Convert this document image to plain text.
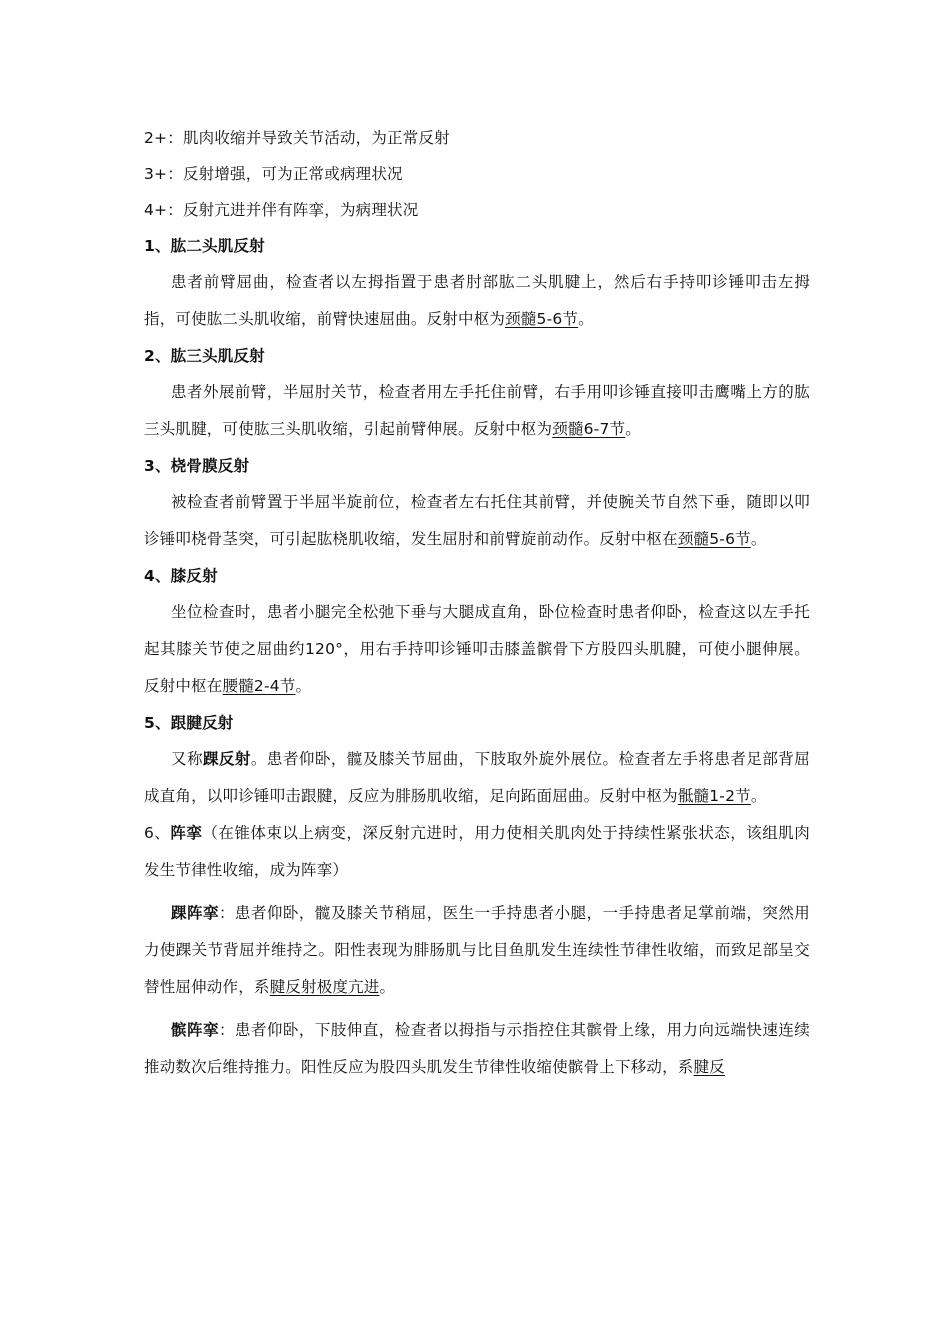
2+：肌肉收缩并导致关节活动，为正常反射
3+：反射增强，可为正常或病理状况
4+：反射亢进并伴有阵挛，为病理状况

1、肱二头肌反射

患者前臂屈曲，检查者以左拇指置于患者肘部肱二头肌腱上，然后右手持叩诊锤叩击左拇指，可使肱二头肌收缩，前臂快速屈曲。反射中枢为颈髓5-6节。

2、肱三头肌反射

患者外展前臂，半屈肘关节，检查者用左手托住前臂，右手用叩诊锤直接叩击鹰嘴上方的肱三头肌腱，可使肱三头肌收缩，引起前臂伸展。反射中枢为颈髓6-7节。

3、桡骨膜反射

被检查者前臂置于半屈半旋前位，检查者左右托住其前臂，并使腕关节自然下垂，随即以叩诊锤叩桡骨茎突，可引起肱桡肌收缩，发生屈肘和前臂旋前动作。反射中枢在颈髓5-6节。

4、膝反射

坐位检查时，患者小腿完全松弛下垂与大腿成直角，卧位检查时患者仰卧，检查这以左手托起其膝关节使之屈曲约120°，用右手持叩诊锤叩击膝盖髌骨下方股四头肌腱，可使小腿伸展。反射中枢在腰髓2-4节。

5、跟腱反射

又称踝反射。患者仰卧，髋及膝关节屈曲，下肢取外旋外展位。检查者左手将患者足部背屈成直角，以叩诊锤叩击跟腱，反应为腓肠肌收缩，足向跖面屈曲。反射中枢为骶髓1-2节。

6、阵挛（在锥体束以上病变，深反射亢进时，用力使相关肌肉处于持续性紧张状态，该组肌肉发生节律性收缩，成为阵挛）

踝阵挛：患者仰卧，髋及膝关节稍屈，医生一手持患者小腿，一手持患者足掌前端，突然用力使踝关节背屈并维持之。阳性表现为腓肠肌与比目鱼肌发生连续性节律性收缩，而致足部呈交替性屈伸动作，系腱反射极度亢进。

髌阵挛：患者仰卧，下肢伸直，检查者以拇指与示指控住其髌骨上缘，用力向远端快速连续推动数次后维持推力。阳性反应为股四头肌发生节律性收缩使髌骨上下移动，系腱反
